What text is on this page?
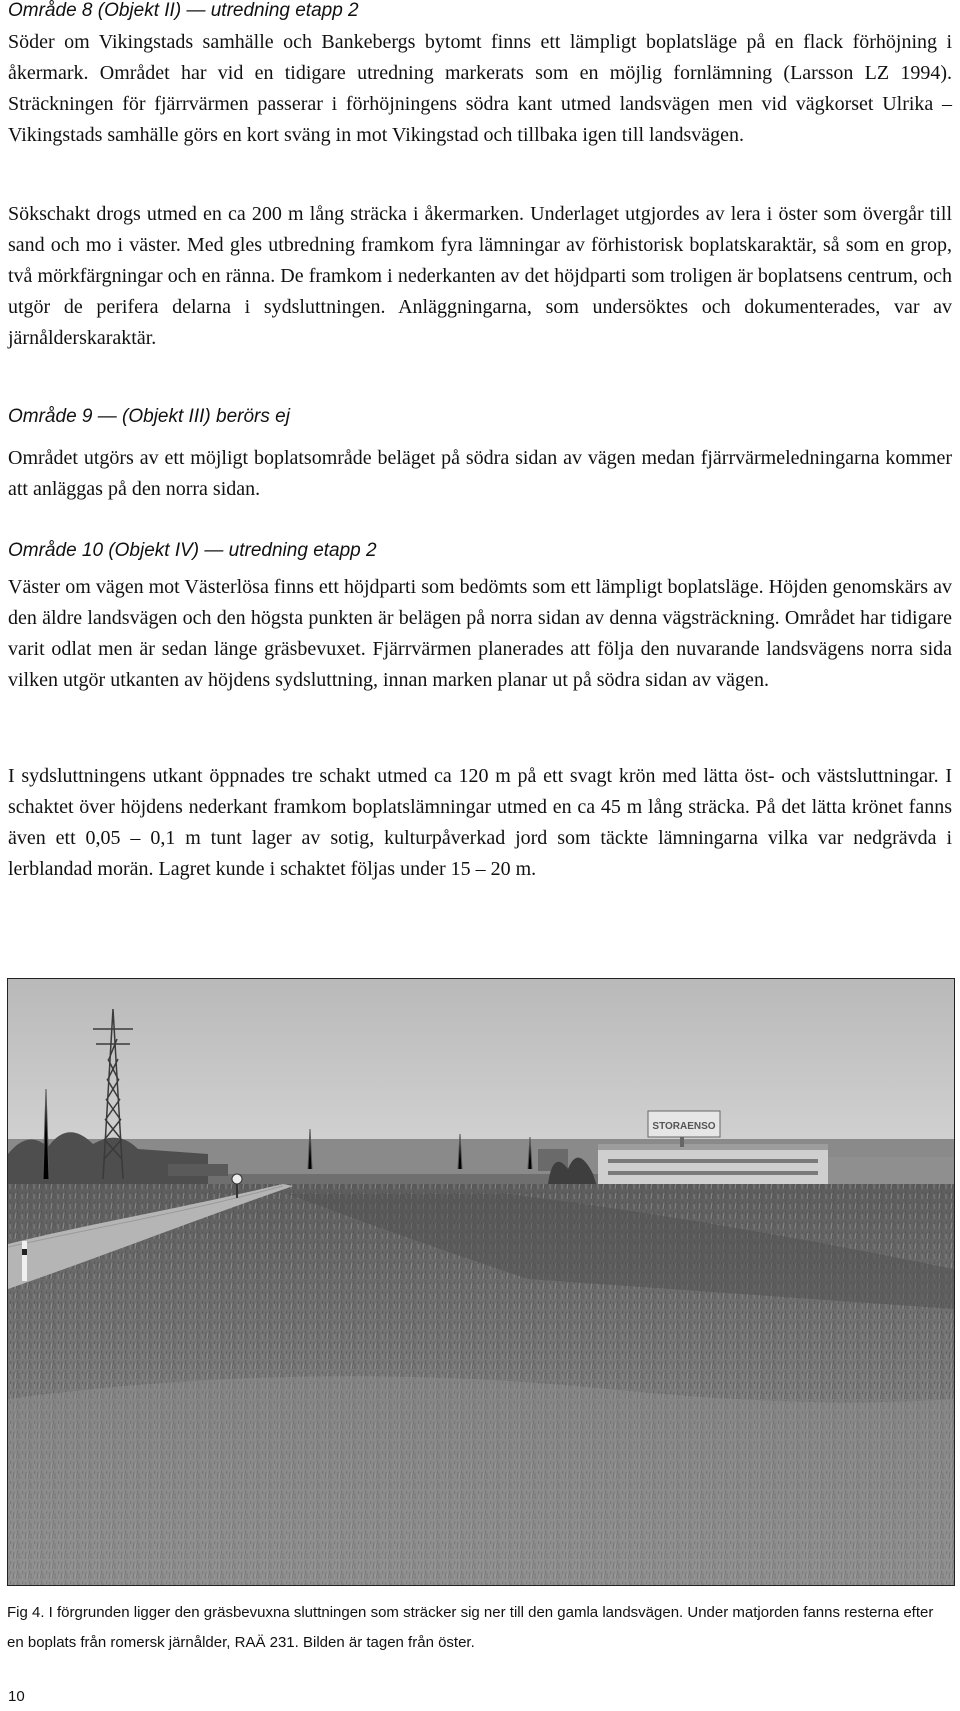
Område 8 (Objekt II) — utredning etapp 2
Söder om Vikingstads samhälle och Bankebergs bytomt finns ett lämpligt boplatsläge på en flack förhöjning i åkermark. Området har vid en tidigare utredning markerats som en möjlig fornlämning (Larsson LZ 1994). Sträckningen för fjärrvärmen passerar i förhöjningens södra kant utmed landsvägen men vid vägkorset Ulrika – Vikingstads samhälle görs en kort sväng in mot Vikingstad och tillbaka igen till landsvägen.
Sökschakt drogs utmed en ca 200 m lång sträcka i åkermarken. Underlaget utgjordes av lera i öster som övergår till sand och mo i väster. Med gles utbredning framkom fyra lämningar av förhistorisk boplatskaraktär, så som en grop, två mörkfärgningar och en ränna. De framkom i nederkanten av det höjdparti som troligen är boplatsens centrum, och utgör de perifera delarna i sydsluttningen. Anläggningarna, som undersöktes och dokumenterades, var av järnålderskaraktär.
Område 9 — (Objekt III) berörs ej
Området utgörs av ett möjligt boplatsområde beläget på södra sidan av vägen medan fjärrvärmeledningarna kommer att anläggas på den norra sidan.
Område 10 (Objekt IV) — utredning etapp 2
Väster om vägen mot Västerlösa finns ett höjdparti som bedömts som ett lämpligt boplatsläge. Höjden genomskärs av den äldre landsvägen och den högsta punkten är belägen på norra sidan av denna vägsträckning. Området har tidigare varit odlat men är sedan länge gräsbevuxet. Fjärrvärmen planerades att följa den nuvarande landsvägens norra sida vilken utgör utkanten av höjdens sydsluttning, innan marken planar ut på södra sidan av vägen.
I sydsluttningens utkant öppnades tre schakt utmed ca 120 m på ett svagt krön med lätta öst- och västsluttningar. I schaktet över höjdens nederkant framkom boplatslämningar utmed en ca 45 m lång sträcka. På det lätta krönet fanns även ett 0,05 – 0,1 m tunt lager av sotig, kulturpåverkad jord som täckte lämningarna vilka var nedgrävda i lerblandad morän. Lagret kunde i schaktet följas under 15 – 20 m.
STORAENSO
Fig 4. I förgrunden ligger den gräsbevuxna sluttningen som sträcker sig ner till den gamla landsvägen. Under matjorden fanns resterna efter en boplats från romersk järnålder, RAÄ 231. Bilden är tagen från öster.
10
